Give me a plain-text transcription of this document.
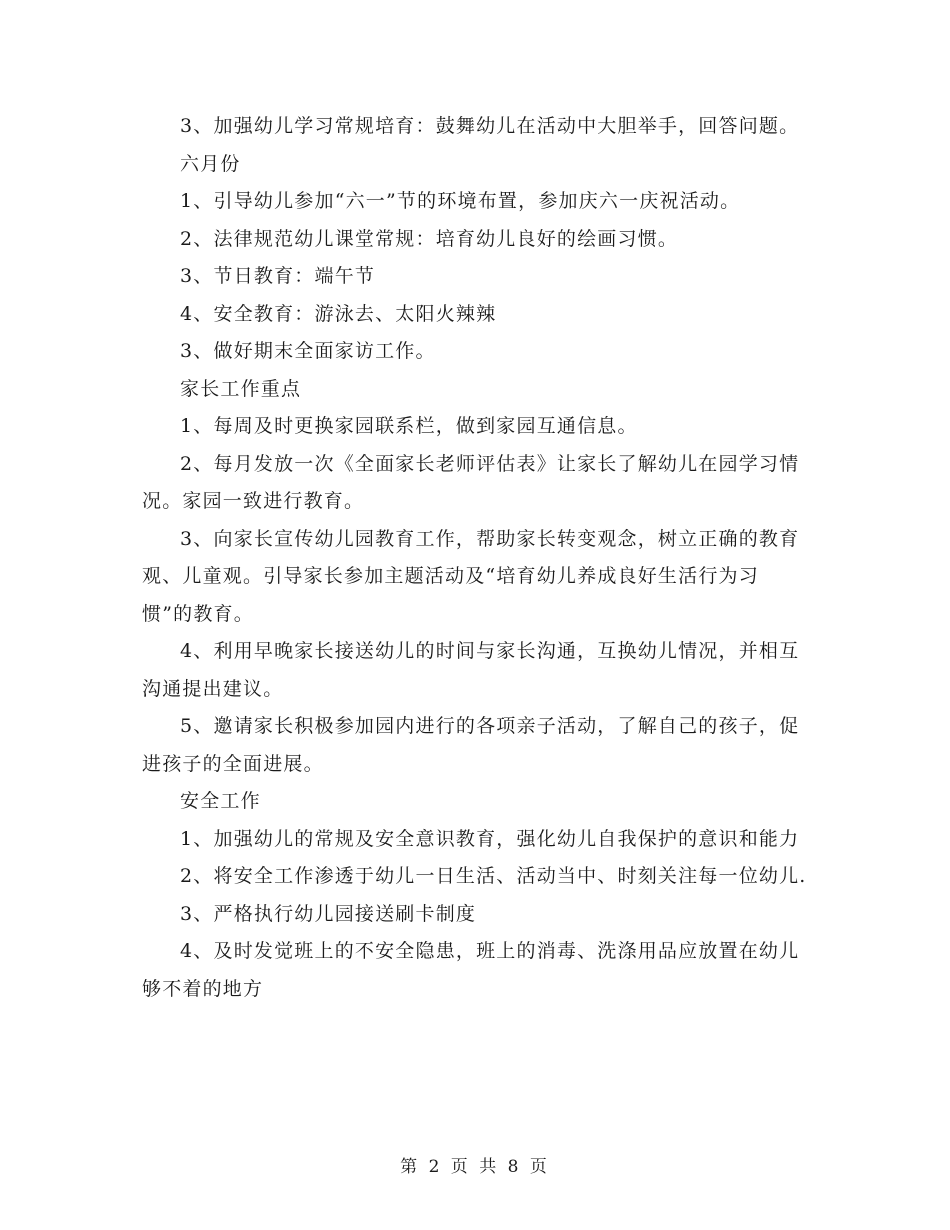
3、加强幼儿学习常规培育：鼓舞幼儿在活动中大胆举手，回答问题。

六月份

1、引导幼儿参加“六一”节的环境布置，参加庆六一庆祝活动。

2、法律规范幼儿课堂常规：培育幼儿良好的绘画习惯。

3、节日教育：端午节

4、安全教育：游泳去、太阳火辣辣

3、做好期末全面家访工作。

家长工作重点

1、每周及时更换家园联系栏，做到家园互通信息。

2、每月发放一次《全面家长老师评估表》让家长了解幼儿在园学习情况。家园一致进行教育。

3、向家长宣传幼儿园教育工作，帮助家长转变观念，树立正确的教育观、儿童观。引导家长参加主题活动及“培育幼儿养成良好生活行为习惯”的教育。

4、利用早晚家长接送幼儿的时间与家长沟通，互换幼儿情况，并相互沟通提出建议。

5、邀请家长积极参加园内进行的各项亲子活动，了解自己的孩子，促进孩子的全面进展。

安全工作

1、加强幼儿的常规及安全意识教育，强化幼儿自我保护的意识和能力

2、将安全工作渗透于幼儿一日生活、活动当中、时刻关注每一位幼儿.

3、严格执行幼儿园接送刷卡制度

4、及时发觉班上的不安全隐患，班上的消毒、洗涤用品应放置在幼儿够不着的地方

第 2 页 共 8 页
